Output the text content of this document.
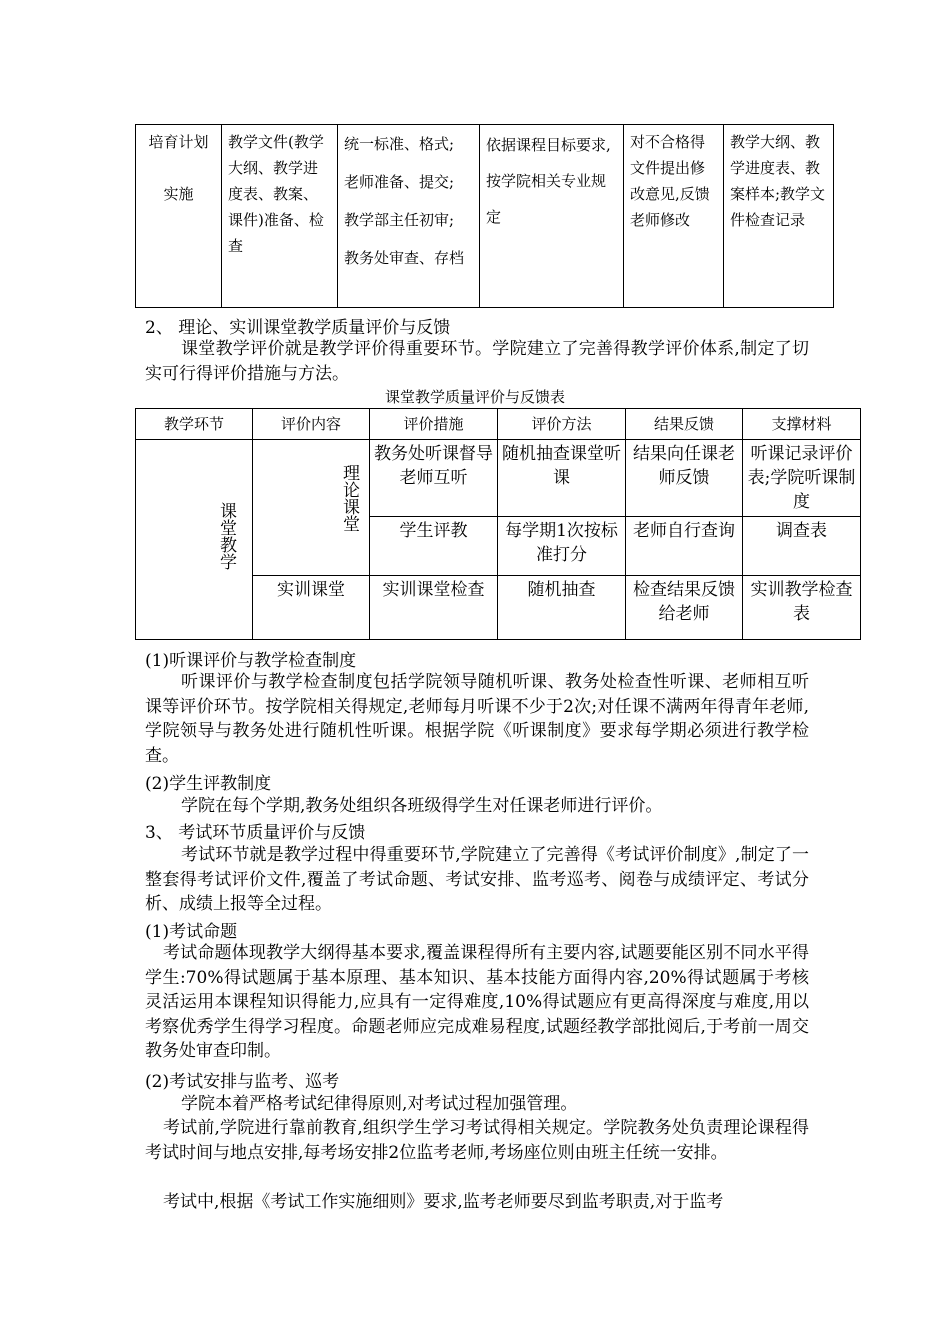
培育计划
实施
	教学文件(教学大纲、教学进度表、教案、课件)准备、检查	统一标准、格式;
老师准备、提交;
教学部主任初审;
教务处审查、存档	依据课程目标要求,按学院相关专业规定	对不合格得文件提出修改意见,反馈老师修改	教学大纲、教学进度表、教案样本;教学文件检查记录
2、 理论、实训课堂教学质量评价与反馈
课堂教学评价就是教学评价得重要环节。学院建立了完善得教学评价体系,制定了切实可行得评价措施与方法。
课堂教学质量评价与反馈表
教学环节	评价内容	评价措施	评价方法	结果反馈	支撑材料
课堂教学	理论课堂	教务处听课督导老师互听	随机抽查课堂听课	结果向任课老师反馈	听课记录评价表;学院听课制度
		学生评教	每学期1次按标准打分	老师自行查询	调查表
	实训课堂	实训课堂检查	随机抽查	检查结果反馈给老师	实训教学检查表
(1)听课评价与教学检查制度
听课评价与教学检查制度包括学院领导随机听课、教务处检查性听课、老师相互听课等评价环节。按学院相关得规定,老师每月听课不少于2次;对任课不满两年得青年老师,学院领导与教务处进行随机性听课。根据学院《听课制度》要求每学期必须进行教学检查。
(2)学生评教制度
学院在每个学期,教务处组织各班级得学生对任课老师进行评价。
3、 考试环节质量评价与反馈
考试环节就是教学过程中得重要环节,学院建立了完善得《考试评价制度》,制定了一整套得考试评价文件,覆盖了考试命题、考试安排、监考巡考、阅卷与成绩评定、考试分析、成绩上报等全过程。
(1)考试命题
考试命题体现教学大纲得基本要求,覆盖课程得所有主要内容,试题要能区别不同水平得学生:70%得试题属于基本原理、基本知识、基本技能方面得内容,20%得试题属于考核灵活运用本课程知识得能力,应具有一定得难度,10%得试题应有更高得深度与难度,用以考察优秀学生得学习程度。命题老师应完成难易程度,试题经教学部批阅后,于考前一周交教务处审查印制。
(2)考试安排与监考、巡考
学院本着严格考试纪律得原则,对考试过程加强管理。
考试前,学院进行靠前教育,组织学生学习考试得相关规定。学院教务处负责理论课程得考试时间与地点安排,每考场安排2位监考老师,考场座位则由班主任统一安排。
考试中,根据《考试工作实施细则》要求,监考老师要尽到监考职责,对于监考
